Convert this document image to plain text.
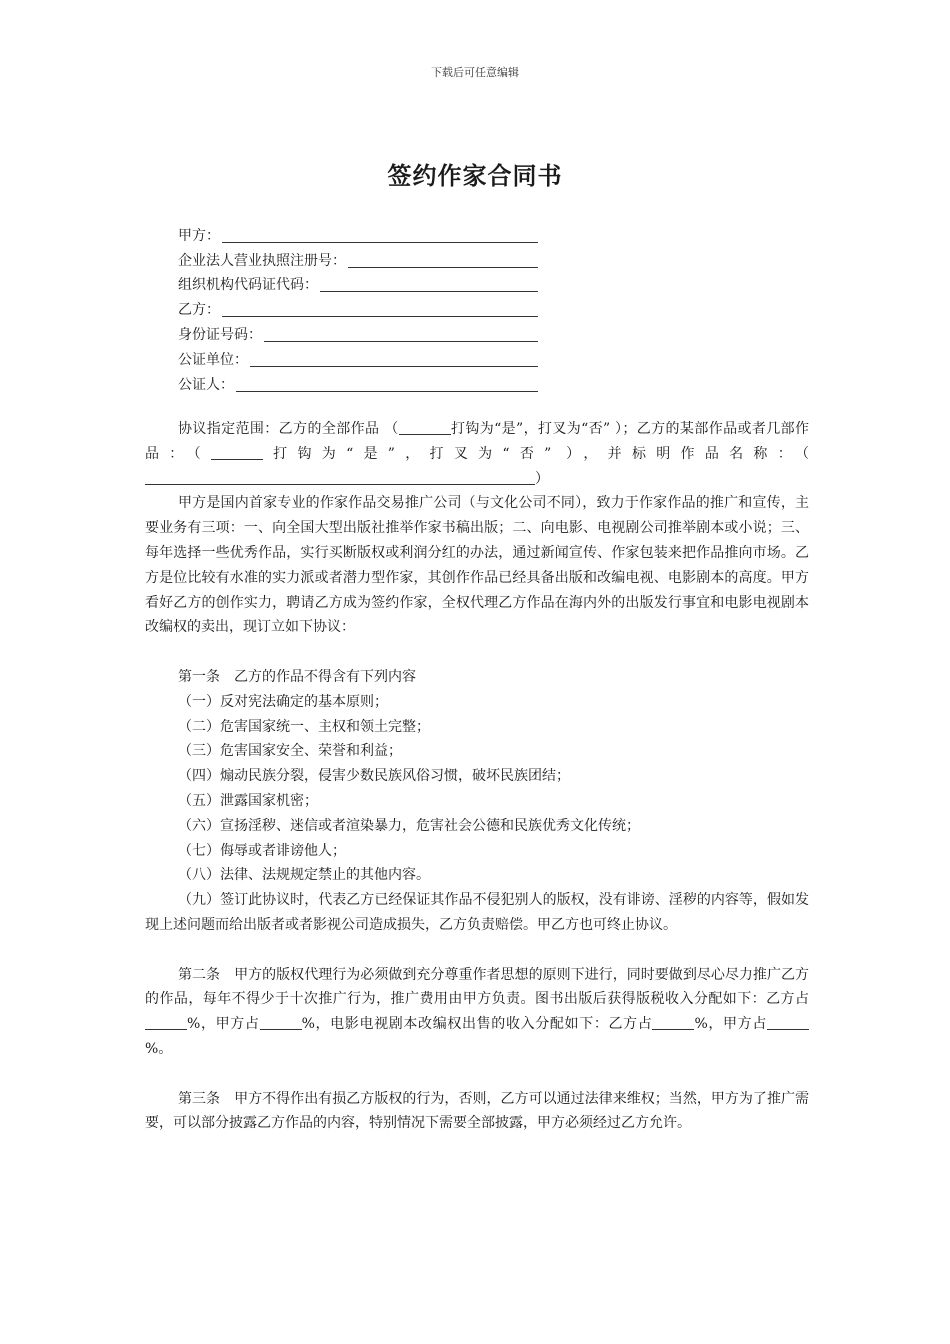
下载后可任意编辑
签约作家合同书
甲方：
企业法人营业执照注册号：
组织机构代码证代码：
乙方：
身份证号码：
公证单位：
公证人：

协议指定范围：乙方的全部作品 （	打钩为“是”，打叉为“否” ）；乙方的某部作品或者几部作品：（	打钩为“是”，打叉为“否” ），并标明作品名称：（）

甲方是国内首家专业的作家作品交易推广公司（与文化公司不同），致力于作家作品的推广和宣传，主要业务有三项：一、向全国大型出版社推举作家书稿出版；二、向电影、电视剧公司推举剧本或小说；三、每年选择一些优秀作品，实行买断版权或利润分红的办法，通过新闻宣传、作家包装来把作品推向市场。乙方是位比较有水准的实力派或者潜力型作家，其创作作品已经具备出版和改编电视、电影剧本的高度。甲方看好乙方的创作实力，聘请乙方成为签约作家，全权代理乙方作品在海内外的出版发行事宜和电影电视剧本改编权的卖出，现订立如下协议：

第一条　乙方的作品不得含有下列内容

（一）反对宪法确定的基本原则；

（二）危害国家统一、主权和领土完整；

（三）危害国家安全、荣誉和利益；

（四）煽动民族分裂，侵害少数民族风俗习惯，破坏民族团结；

（五）泄露国家机密；

（六）宣扬淫秽、迷信或者渲染暴力，危害社会公德和民族优秀文化传统；

（七）侮辱或者诽谤他人；

（八）法律、法规规定禁止的其他内容。

（九）签订此协议时，代表乙方已经保证其作品不侵犯别人的版权，没有诽谤、淫秽的内容等，假如发现上述问题而给出版者或者影视公司造成损失，乙方负责赔偿。甲乙方也可终止协议。

第二条　甲方的版权代理行为必须做到充分尊重作者思想的原则下进行，同时要做到尽心尽力推广乙方的作品，每年不得少于十次推广行为，推广费用由甲方负责。图书出版后获得版税收入分配如下：乙方占%，甲方占	%，电影电视剧本改编权出售的收入分配如下：乙方占	%，甲方占%。

第三条　甲方不得作出有损乙方版权的行为，否则，乙方可以通过法律来维权；当然，甲方为了推广需要，可以部分披露乙方作品的内容，特别情况下需要全部披露，甲方必须经过乙方允许。
